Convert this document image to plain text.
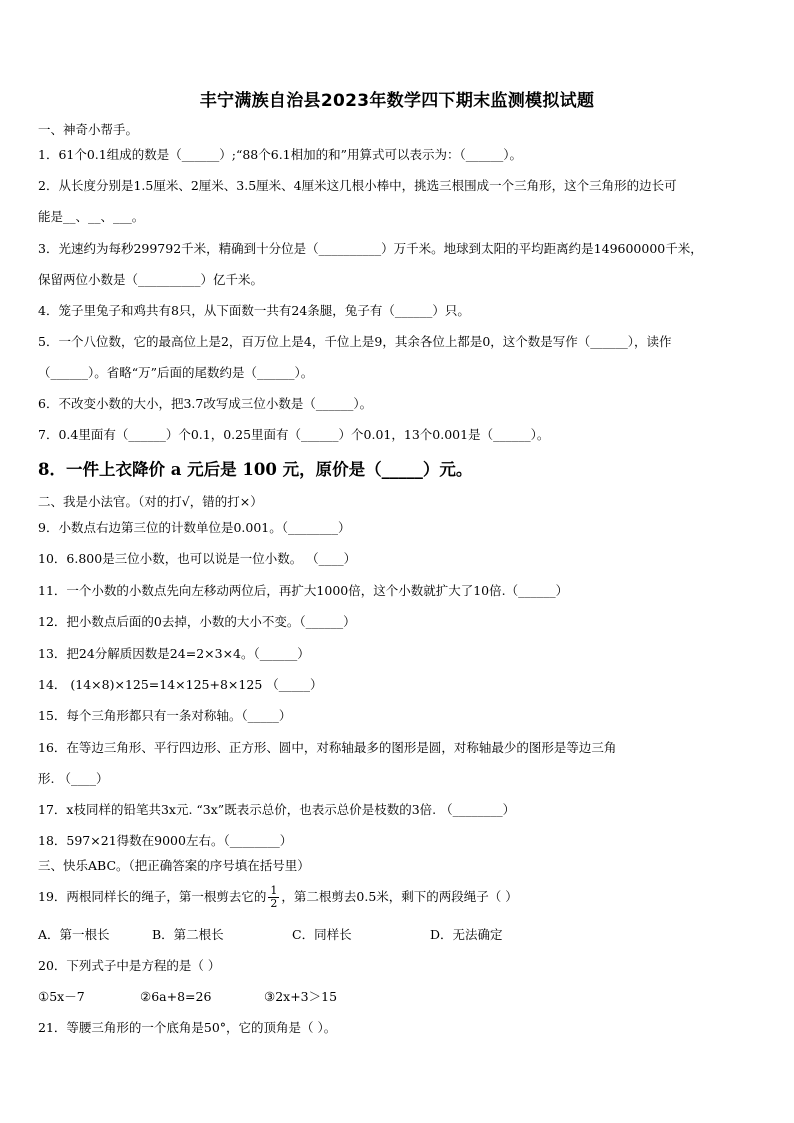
丰宁满族自治县2023年数学四下期末监测模拟试题
一、神奇小帮手。
1．61个0.1组成的数是（______）;“88个6.1相加的和”用算式可以表示为：（______）。
2．从长度分别是1.5厘米、2厘米、3.5厘米、4厘米这几根小棒中，挑选三根围成一个三角形，这个三角形的边长可
能是__、__、___。
3．光速约为每秒299792千米，精确到十分位是（__________）万千米。地球到太阳的平均距离约是149600000千米，
保留两位小数是（__________）亿千米。
4．笼子里兔子和鸡共有8只，从下面数一共有24条腿，兔子有（______）只。
5．一个八位数，它的最高位上是2，百万位上是4，千位上是9，其余各位上都是0，这个数是写作（______），读作
（______）。省略“万”后面的尾数约是（______）。
6．不改变小数的大小，把3.7改写成三位小数是（______）。
7．0.4里面有（______）个0.1，0.25里面有（______）个0.01，13个0.001是（______）。
8．一件上衣降价 a 元后是 100 元，原价是（_____）元。
二、我是小法官。（对的打√，错的打×）
9．小数点右边第三位的计数单位是0.001。（________）
10．6.800是三位小数，也可以说是一位小数。 （____）
11．一个小数的小数点先向左移动两位后，再扩大1000倍，这个小数就扩大了10倍.（______）
12．把小数点后面的0去掉，小数的大小不变。（______）
13．把24分解质因数是24=2×3×4。（______）
14． (14×8)×125=14×125+8×125 （_____）
15．每个三角形都只有一条对称轴。（_____）
16．在等边三角形、平行四边形、正方形、圆中，对称轴最多的图形是圆，对称轴最少的图形是等边三角
形. （____）
17．x枝同样的铅笔共3x元. “3x”既表示总价，也表示总价是枝数的3倍. （________）
18．597×21得数在9000左右。（________）
三、快乐ABC。（把正确答案的序号填在括号里）
19．两根同样长的绳子，第一根剪去它的 $\frac{1}{2}$ ，第二根剪去0.5米，剩下的两段绳子（ ）
A．第一根长	B．第二根长	C．同样长	D．无法确定
20．下列式子中是方程的是（ ）
①5x－7	②6a+8=26	③2x+3＞15
21．等腰三角形的一个底角是50°，它的顶角是（ ）。
